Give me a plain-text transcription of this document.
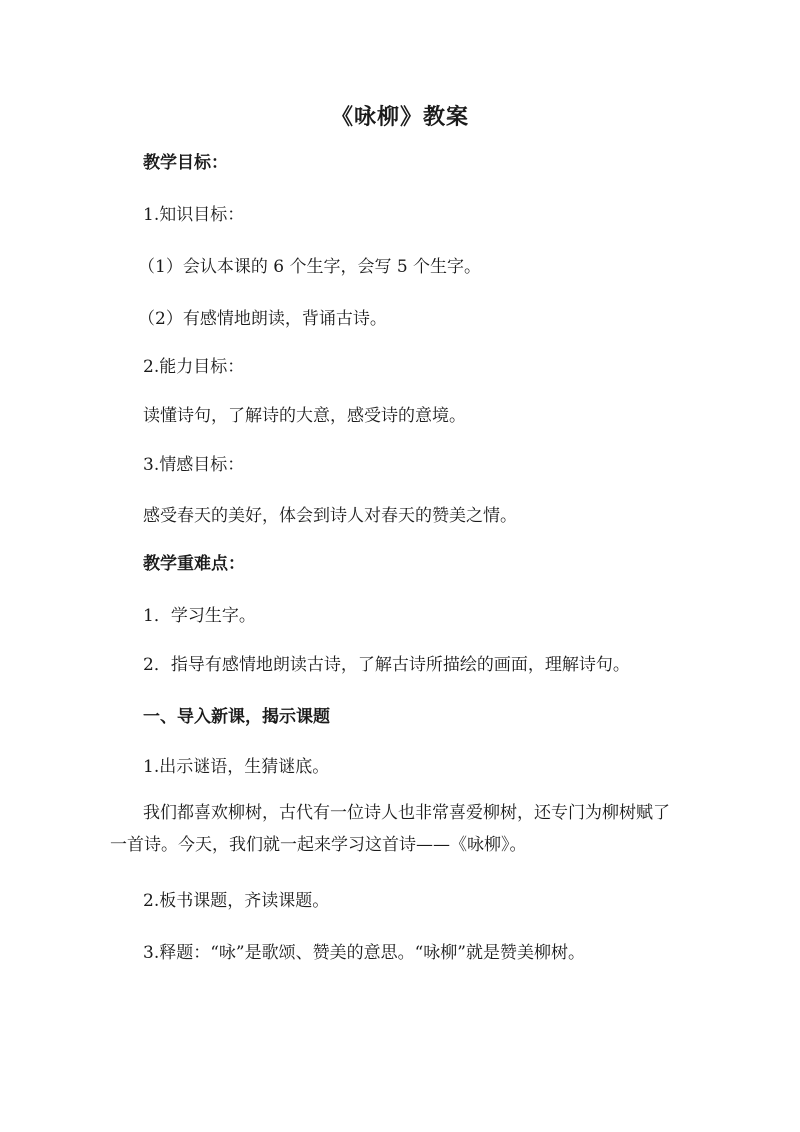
《咏柳》教案
教学目标：
1.知识目标：
（1）会认本课的 6 个生字，会写 5 个生字。
（2）有感情地朗读，背诵古诗。
2.能力目标：
读懂诗句，了解诗的大意，感受诗的意境。
3.情感目标：
感受春天的美好，体会到诗人对春天的赞美之情。
教学重难点：
1．学习生字。
2．指导有感情地朗读古诗，了解古诗所描绘的画面，理解诗句。
一、导入新课，揭示课题
1.出示谜语，生猜谜底。
我们都喜欢柳树，古代有一位诗人也非常喜爱柳树，还专门为柳树赋了一首诗。今天，我们就一起来学习这首诗——《咏柳》。
2.板书课题，齐读课题。
3.释题：“咏”是歌颂、赞美的意思。“咏柳”就是赞美柳树。
